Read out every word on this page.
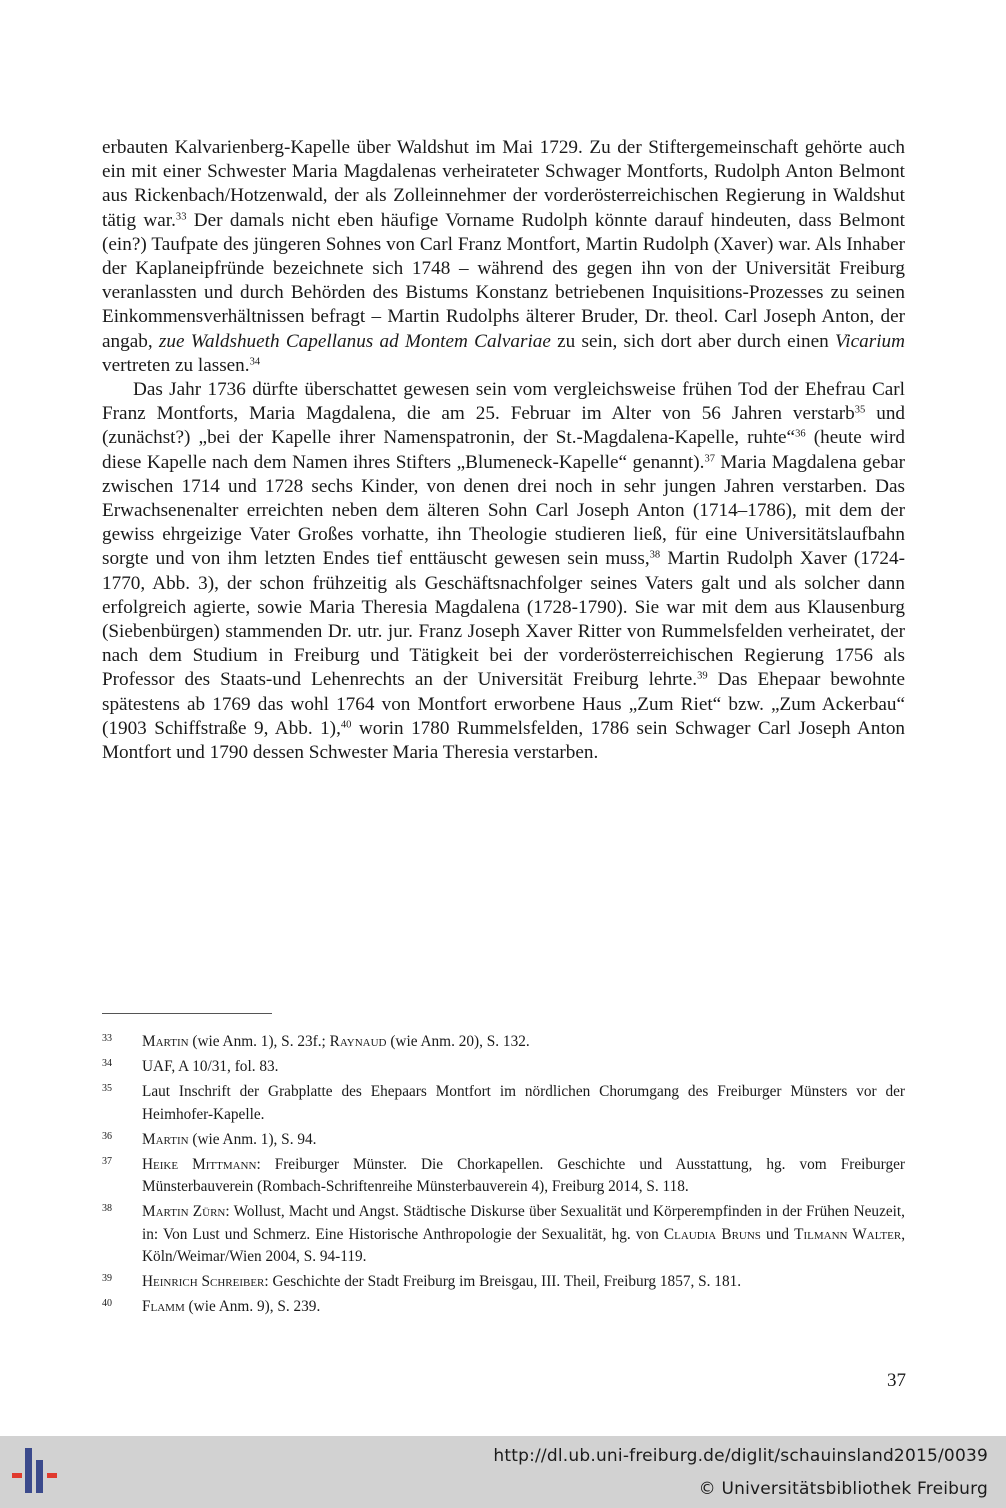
erbauten Kalvarienberg-Kapelle über Waldshut im Mai 1729. Zu der Stiftergemeinschaft gehörte auch ein mit einer Schwester Maria Magdalenas verheirateter Schwager Montforts, Rudolph Anton Belmont aus Rickenbach/Hotzenwald, der als Zolleinnehmer der vorderösterreichischen Regierung in Waldshut tätig war.$^{33}$ Der damals nicht eben häufige Vorname Rudolph könnte darauf hindeuten, dass Belmont (ein?) Taufpate des jüngeren Sohnes von Carl Franz Montfort, Martin Rudolph (Xaver) war. Als Inhaber der Kaplaneipfründe bezeichnete sich 1748 – während des gegen ihn von der Universität Freiburg veranlassten und durch Behörden des Bistums Konstanz betriebenen Inquisitions-Prozesses zu seinen Einkommensverhältnissen befragt – Martin Rudolphs älterer Bruder, Dr. theol. Carl Joseph Anton, der angab, zue Waldshueth Capellanus ad Montem Calvariae zu sein, sich dort aber durch einen Vicarium vertreten zu lassen.$^{34}$

Das Jahr 1736 dürfte überschattet gewesen sein vom vergleichsweise frühen Tod der Ehefrau Carl Franz Montforts, Maria Magdalena, die am 25. Februar im Alter von 56 Jahren verstarb$^{35}$ und (zunächst?) „bei der Kapelle ihrer Namenspatronin, der St.-Magdalena-Kapelle, ruhte“$^{36}$ (heute wird diese Kapelle nach dem Namen ihres Stifters „Blumeneck-Kapelle“ genannt).$^{37}$ Maria Magdalena gebar zwischen 1714 und 1728 sechs Kinder, von denen drei noch in sehr jungen Jahren verstarben. Das Erwachsenenalter erreichten neben dem älteren Sohn Carl Joseph Anton (1714–1786), mit dem der gewiss ehrgeizige Vater Großes vorhatte, ihn Theologie studieren ließ, für eine Universitätslaufbahn sorgte und von ihm letzten Endes tief enttäuscht gewesen sein muss,$^{38}$ Martin Rudolph Xaver (1724-1770, Abb. 3), der schon frühzeitig als Geschäftsnachfolger seines Vaters galt und als solcher dann erfolgreich agierte, sowie Maria Theresia Magdalena (1728-1790). Sie war mit dem aus Klausenburg (Siebenbürgen) stammenden Dr. utr. jur. Franz Joseph Xaver Ritter von Rummelsfelden verheiratet, der nach dem Studium in Freiburg und Tätigkeit bei der vorderösterreichischen Regierung 1756 als Professor des Staats-und Lehenrechts an der Universität Freiburg lehrte.$^{39}$ Das Ehepaar bewohnte spätestens ab 1769 das wohl 1764 von Montfort erworbene Haus „Zum Riet“ bzw. „Zum Ackerbau“ (1903 Schiffstraße 9, Abb. 1),$^{40}$ worin 1780 Rummelsfelden, 1786 sein Schwager Carl Joseph Anton Montfort und 1790 dessen Schwester Maria Theresia verstarben.

33 Martin (wie Anm. 1), S. 23f.; Raynaud (wie Anm. 20), S. 132.
34 UAF, A 10/31, fol. 83.
35 Laut Inschrift der Grabplatte des Ehepaars Montfort im nördlichen Chorumgang des Freiburger Münsters vor der Heimhofer-Kapelle.
36 Martin (wie Anm. 1), S. 94.
37 Heike Mittmann: Freiburger Münster. Die Chorkapellen. Geschichte und Ausstattung, hg. vom Freiburger Münsterbauverein (Rombach-Schriftenreihe Münsterbauverein 4), Freiburg 2014, S. 118.
38 Martin Zürn: Wollust, Macht und Angst. Städtische Diskurse über Sexualität und Körperempfinden in der Frühen Neuzeit, in: Von Lust und Schmerz. Eine Historische Anthropologie der Sexualität, hg. von Claudia Bruns und Tilmann Walter, Köln/Weimar/Wien 2004, S. 94-119.
39 Heinrich Schreiber: Geschichte der Stadt Freiburg im Breisgau, III. Theil, Freiburg 1857, S. 181.
40 Flamm (wie Anm. 9), S. 239.
37
http://dl.ub.uni-freiburg.de/diglit/schauinsland2015/0039
© Universitätsbibliothek Freiburg
